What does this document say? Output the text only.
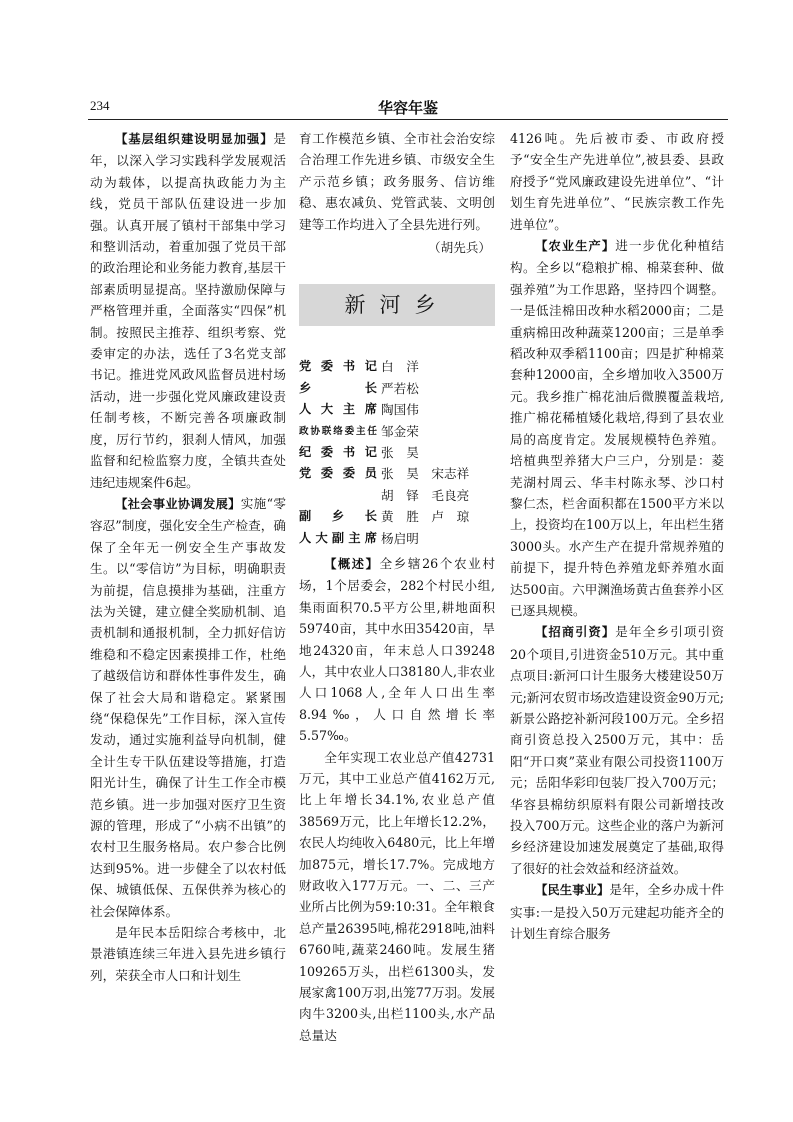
234	华容年鉴

【基层组织建设明显加强】是年，以深入学习实践科学发展观活动为载体，以提高执政能力为主线，党员干部队伍建设进一步加强。认真开展了镇村干部集中学习和整训活动，着重加强了党员干部的政治理论和业务能力教育,基层干部素质明显提高。坚持激励保障与严格管理并重，全面落实“四保”机制。按照民主推荐、组织考察、党委审定的办法，选任了3名党支部书记。推进党风政风监督员进村场活动，进一步强化党风廉政建设责任制考核，不断完善各项廉政制度，厉行节约，狠刹人情风，加强监督和纪检监察力度，全镇共查处违纪违规案件6起。

【社会事业协调发展】实施“零容忍”制度，强化安全生产检查，确保了全年无一例安全生产事故发生。以“零信访”为目标，明确职责为前提，信息摸排为基础，注重方法为关键，建立健全奖励机制、追责机制和通报机制，全力抓好信访维稳和不稳定因素摸排工作，杜绝了越级信访和群体性事件发生，确保了社会大局和谐稳定。紧紧围绕“保稳保先”工作目标，深入宣传发动，通过实施利益导向机制，健全计生专干队伍建设等措施，打造阳光计生，确保了计生工作全市模范乡镇。进一步加强对医疗卫生资源的管理，形成了“小病不出镇”的农村卫生服务格局。农户参合比例达到95%。进一步健全了以农村低保、城镇低保、五保供养为核心的社会保障体系。

是年民本岳阳综合考核中，北景港镇连续三年进入县先进乡镇行列，荣获全市人口和计划生

育工作模范乡镇、全市社会治安综合治理工作先进乡镇、市级安全生产示范乡镇；政务服务、信访维稳、惠农减负、党管武装、文明创建等工作均进入了全县先进行列。

（胡先兵）

新河乡
党委书记 白　洋
乡　　长 严若松
人大主席 陶国伟
政协联络委主任 邹金荣
纪委书记 张　昊
党委委员 张　昊　宋志祥
胡　铎　毛良亮
副 乡 长 黄　胜　卢　琼
人大副主席 杨启明

【概述】全乡辖26个农业村场，1个居委会，282个村民小组,集雨面积70.5平方公里,耕地面积59740亩，其中水田35420亩，旱地24320亩，年末总人口39248人，其中农业人口38180人,非农业人口1068人,全年人口出生率8.94‰，人口自然增长率5.57‰。

全年实现工农业总产值42731万元，其中工业总产值4162万元,比上年增长34.1%,农业总产值38569万元，比上年增长12.2%，农民人均纯收入6480元，比上年增加875元，增长17.7%。完成地方财政收入177万元。一、二、三产业所占比例为59:10:31。全年粮食总产量26395吨,棉花2918吨,油料6760吨,蔬菜2460吨。发展生猪109265万头，出栏61300头，发展家禽100万羽,出笼77万羽。发展肉牛3200头,出栏1100头,水产品总量达

4126吨。先后被市委、市政府授予“安全生产先进单位”,被县委、县政府授予“党风廉政建设先进单位”、“计划生育先进单位”、“民族宗教工作先进单位”。

【农业生产】进一步优化种植结构。全乡以“稳粮扩棉、棉菜套种、做强养殖”为工作思路，坚持四个调整。一是低洼棉田改种水稻2000亩；二是重病棉田改种蔬菜1200亩；三是单季稻改种双季稻1100亩；四是扩种棉菜套种12000亩，全乡增加收入3500万元。我乡推广棉花油后微膜覆盖栽培,推广棉花稀植矮化栽培,得到了县农业局的高度肯定。发展规模特色养殖。培植典型养猪大户三户，分别是：菱芜湖村周云、华丰村陈永琴、沙口村黎仁杰，栏舍面积都在1500平方米以上，投资均在100万以上，年出栏生猪3000头。水产生产在提升常规养殖的前提下，提升特色养殖龙虾养殖水面达500亩。六甲渊渔场黄古鱼套养小区已逐具规模。

【招商引资】是年全乡引项引资20个项目,引进资金510万元。其中重点项目:新河口计生服务大楼建设50万元;新河农贸市场改造建设资金90万元;新景公路挖补新河段100万元。全乡招商引资总投入2500万元，其中：岳阳“开口爽”菜业有限公司投资1100万元；岳阳华彩印包装厂投入700万元；华容县棉纺织原料有限公司新增技改投入700万元。这些企业的落户为新河乡经济建设加速发展奠定了基础,取得了很好的社会效益和经济益效。

【民生事业】是年，全乡办成十件实事:一是投入50万元建起功能齐全的计划生育综合服务
